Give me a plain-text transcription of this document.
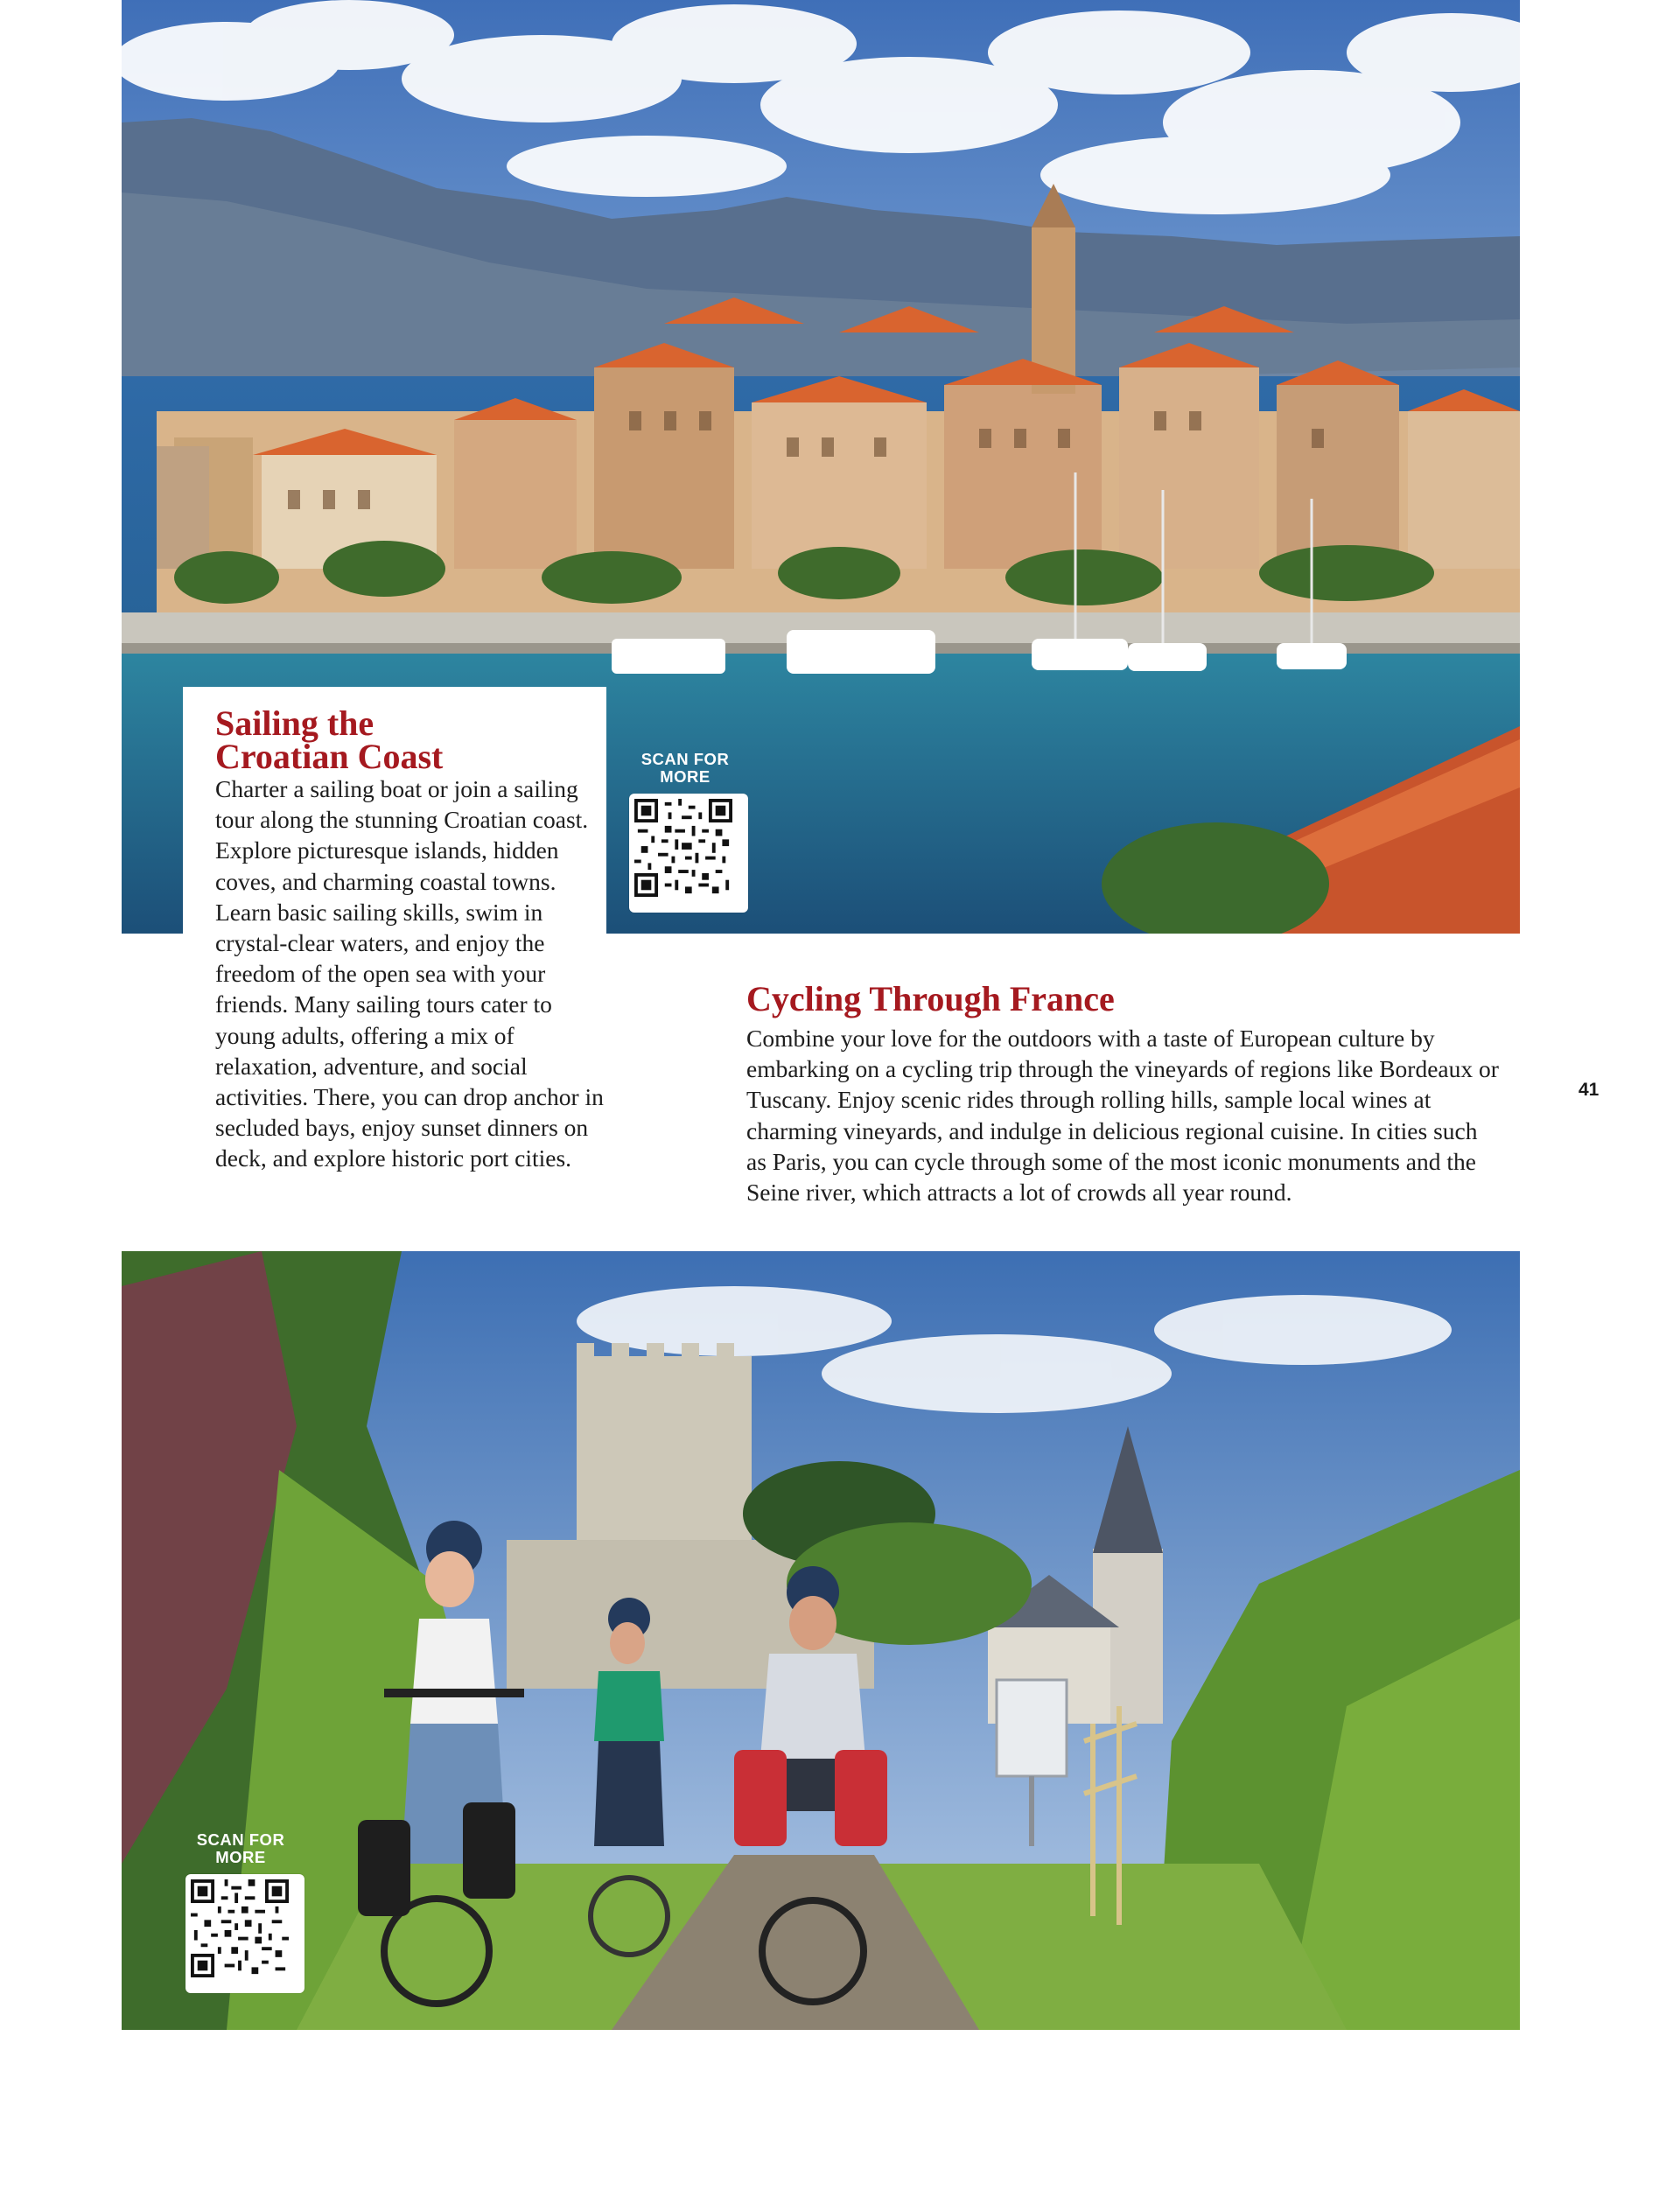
Sailing the
Croatian Coast

Charter a sailing boat or join a sailing tour along the stunning Croatian coast. Explore picturesque islands, hidden coves, and charming coastal towns. Learn basic sailing skills, swim in crystal-clear waters, and enjoy the freedom of the open sea with your friends. Many sailing tours cater to young adults, offering a mix of relaxation, adventure, and social activities. There, you can drop anchor in secluded bays, enjoy sunset dinners on deck, and explore historic port cities.

SCAN FOR
MORE
Cycling Through France

Combine your love for the outdoors with a taste of European culture by embarking on a cycling trip through the vineyards of regions like Bordeaux or Tuscany. Enjoy scenic rides through rolling hills, sample local wines at charming vineyards, and indulge in delicious regional cuisine. In cities such as Paris, you can cycle through some of the most iconic monuments and the Seine river, which attracts a lot of crowds all year round.

41
SCAN FOR
MORE
